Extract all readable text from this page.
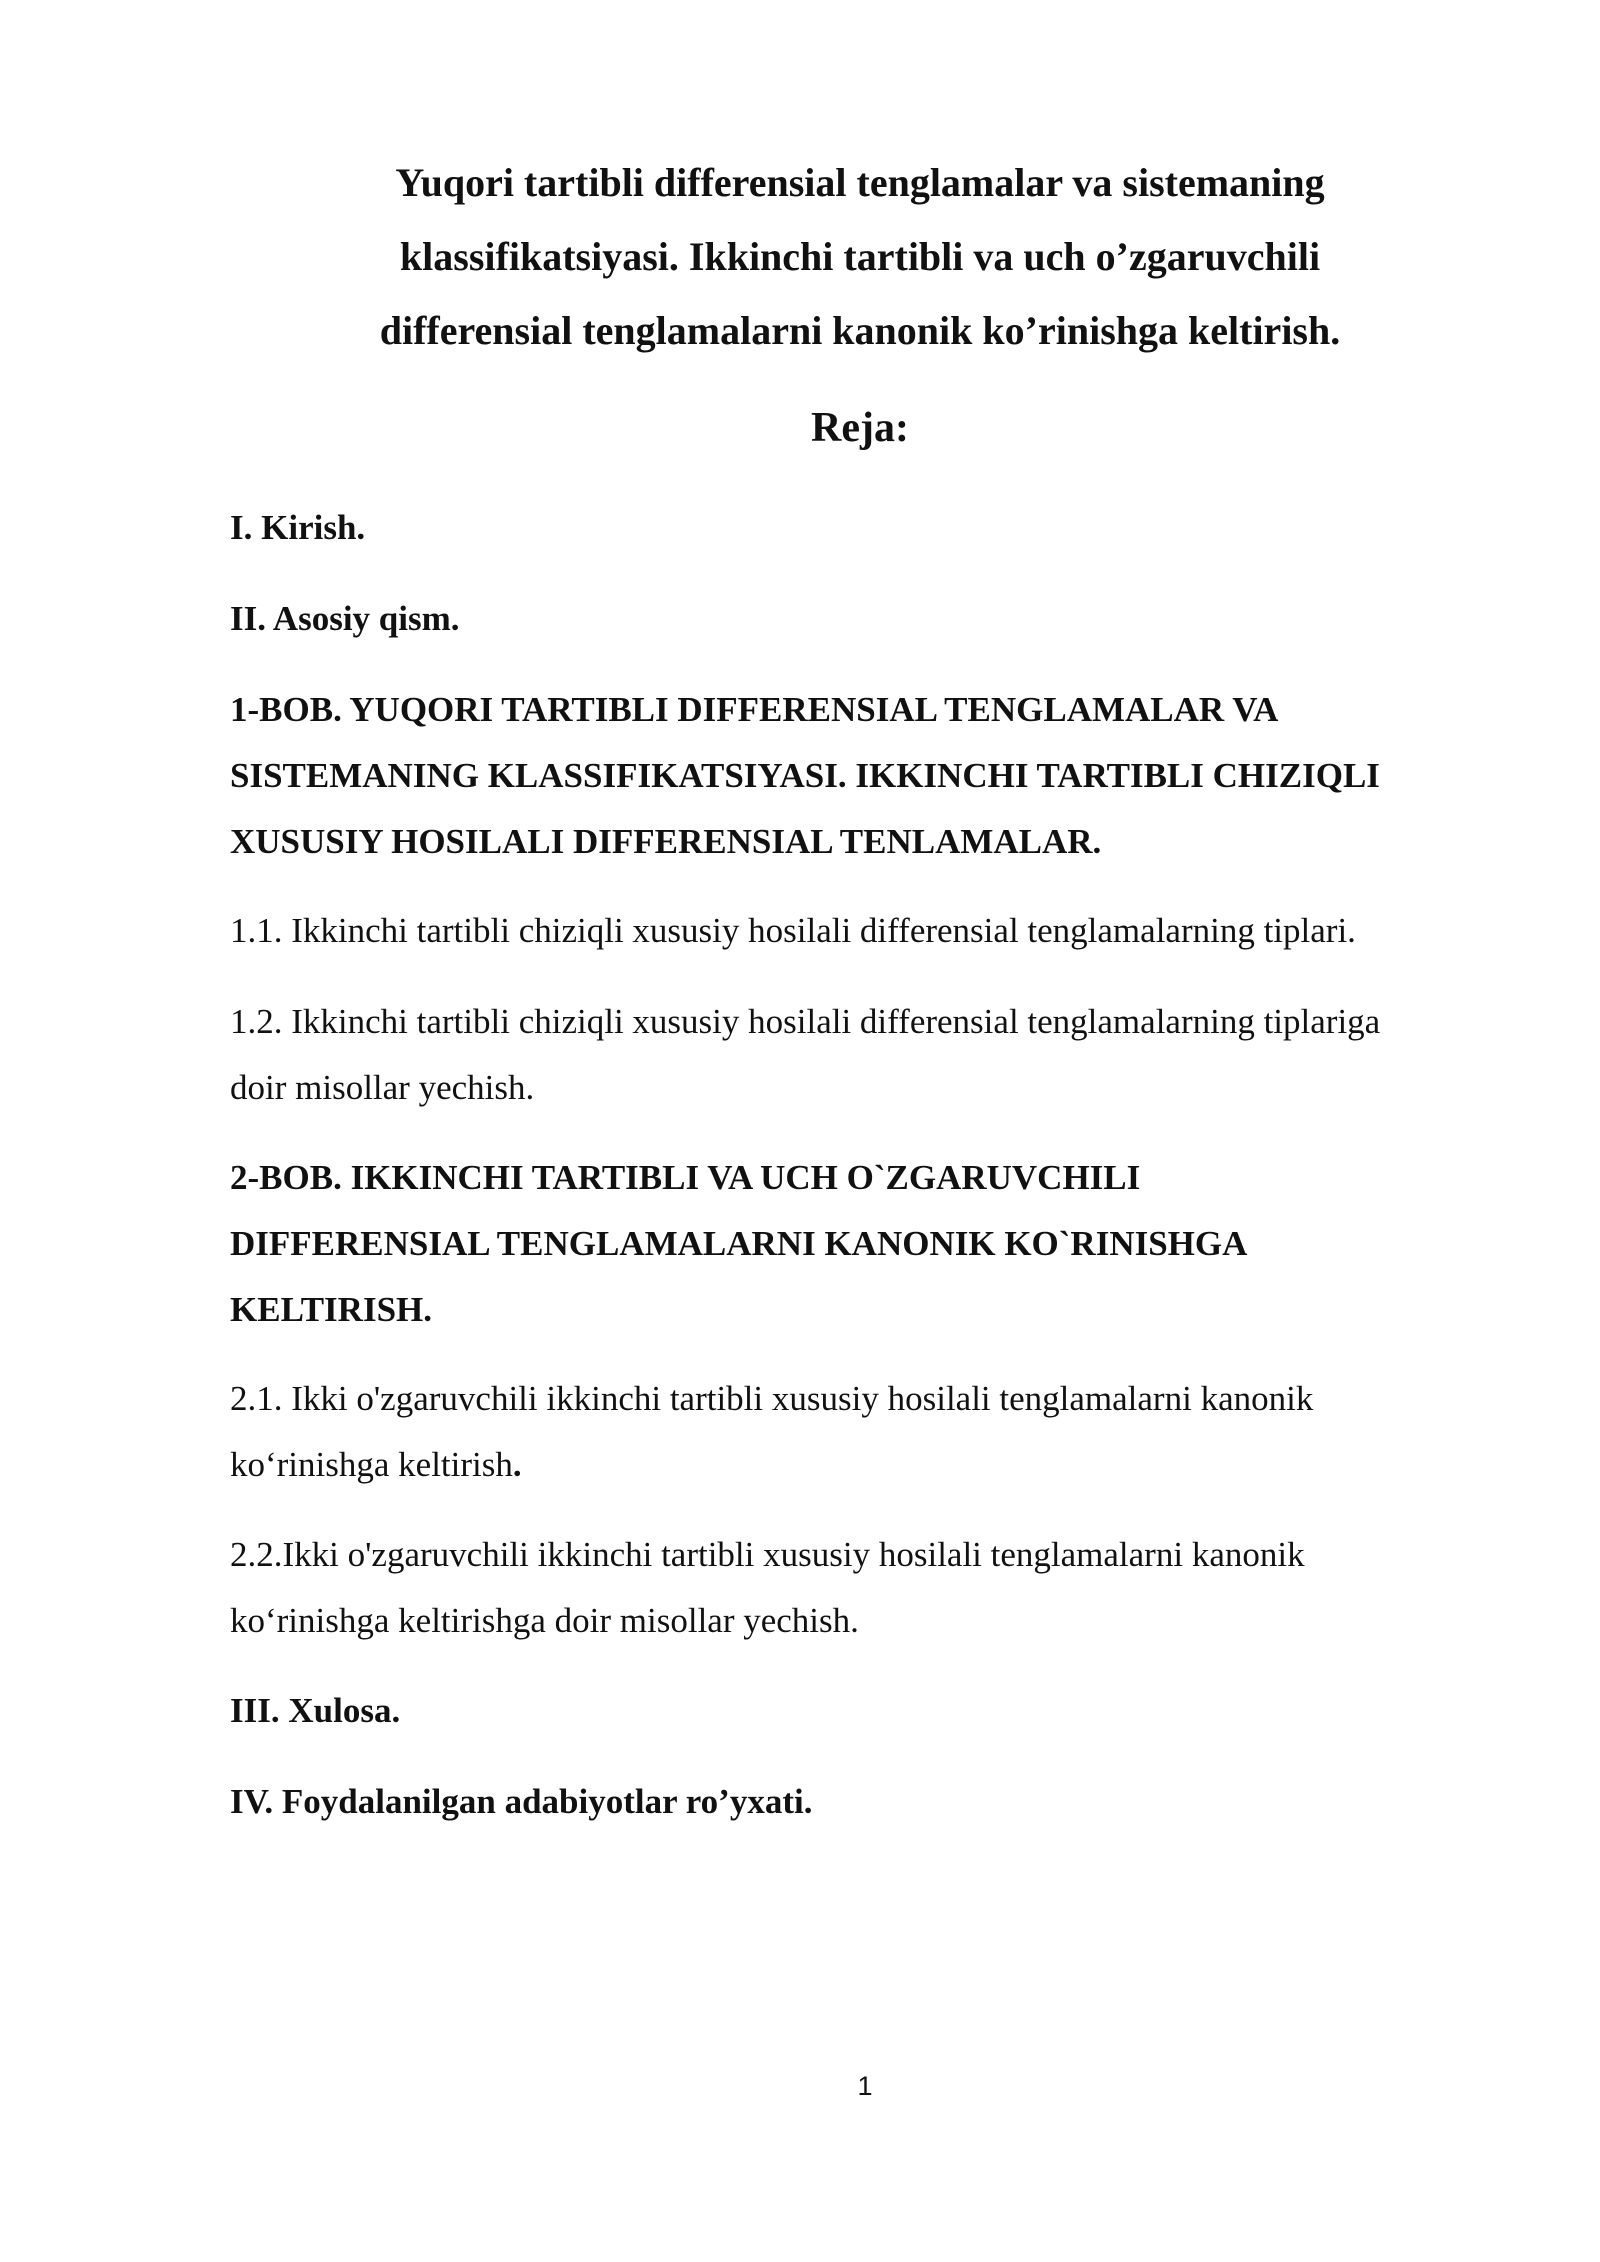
Yuqori tartibli differensial tenglamalar va sistemaning
klassifikatsiyasi. Ikkinchi tartibli va uch o’zgaruvchili
differensial tenglamalarni kanonik ko’rinishga keltirish.
Reja:

I. Kirish.

II. Asosiy qism.

1-BOB. YUQORI TARTIBLI DIFFERENSIAL TENGLAMALAR VA
SISTEMANING KLASSIFIKATSIYASI. IKKINCHI TARTIBLI CHIZIQLI
XUSUSIY HOSILALI DIFFERENSIAL TENLAMALAR.

1.1. Ikkinchi tartibli chiziqli xususiy hosilali differensial tenglamalarning tiplari.

1.2. Ikkinchi tartibli chiziqli xususiy hosilali differensial tenglamalarning tiplariga
doir misollar yechish.

2-BOB. IKKINCHI TARTIBLI VA UCH O`ZGARUVCHILI
DIFFERENSIAL TENGLAMALARNI KANONIK KO`RINISHGA
KELTIRISH.

2.1. Ikki o'zgaruvchili ikkinchi tartibli xususiy hosilali tenglamalarni kanonik
ko‘rinishga keltirish.

2.2.Ikki o'zgaruvchili ikkinchi tartibli xususiy hosilali tenglamalarni kanonik
ko‘rinishga keltirishga doir misollar yechish.

III. Xulosa.

IV. Foydalanilgan adabiyotlar ro’yxati.

1
